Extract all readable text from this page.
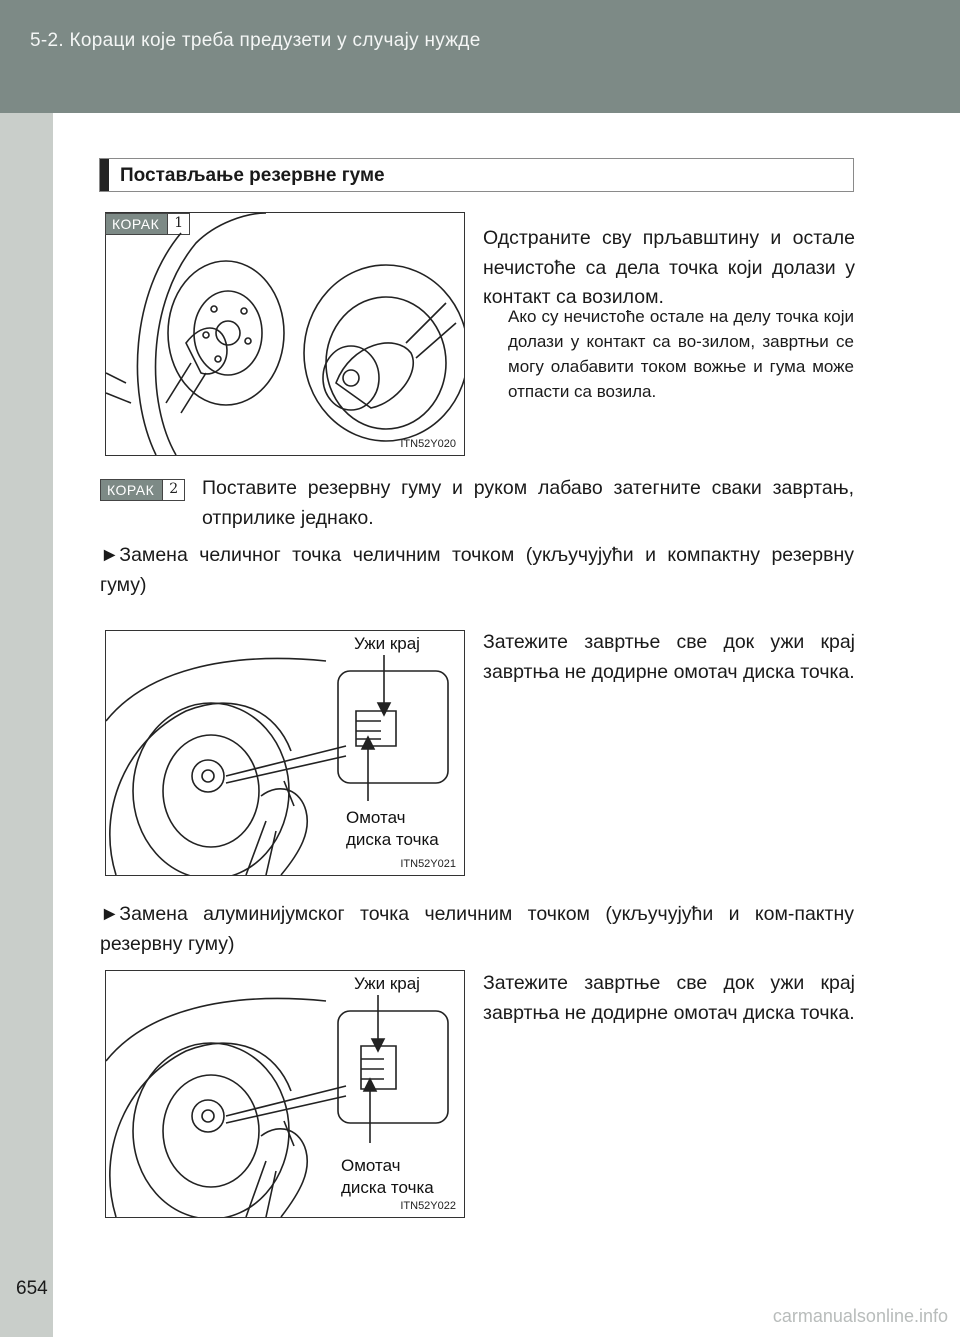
5-2. Кораци које треба предузети у случају нужде
Постављање резервне гуме
КОРАК	1
ITN52Y020
Одстраните сву прљавштину и остале нечистоће са дела точка који долази у контакт са возилом.
Ако су нечистоће остале на делу точка који долази у контакт са во-зилом, завртњи се могу олабавити током вожње и гума може отпасти са возила.
КОРАК	2	Поставите резервну гуму и руком лабаво затегните сваки завртањ, отприлике једнако.
►Замена челичног точка челичним точком (укључујући и компактну резервну гуму)
Ужи крај
Омотач
диска точка
ITN52Y021
Затежите завртње све док ужи крај завртња не додирне омотач диска точка.
►Замена алуминијумског точка челичним точком (укључујући и ком-пактну резервну гуму)
Ужи крај
Омотач
диска точка
ITN52Y022
Затежите завртње све док ужи крај завртња не додирне омотач диска точка.
654
carmanualsonline.info
